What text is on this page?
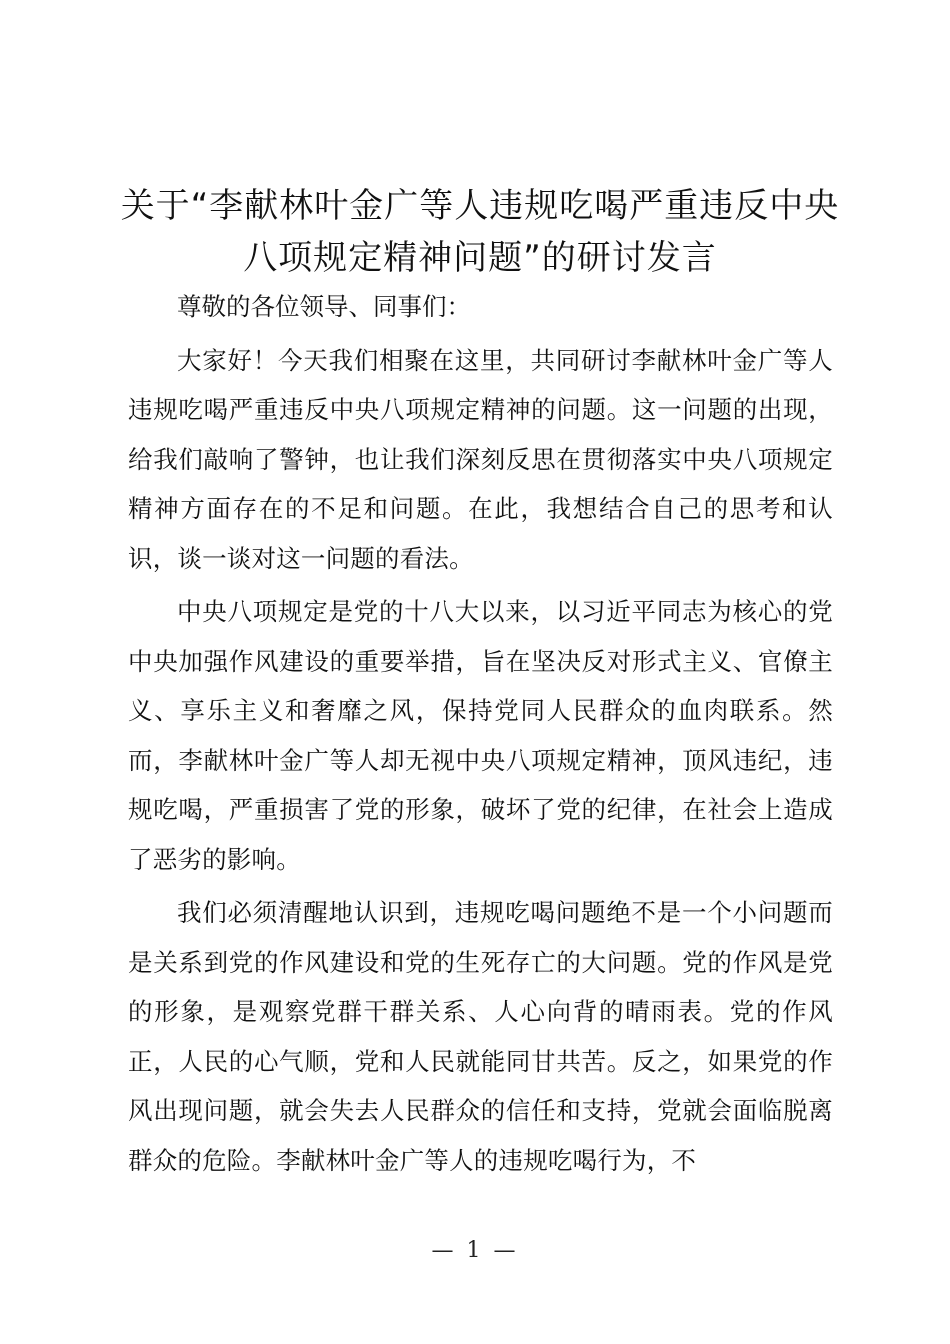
关于“李献林叶金广等人违规吃喝严重违反中央八项规定精神问题”的研讨发言

尊敬的各位领导、同事们：

大家好！今天我们相聚在这里，共同研讨李献林叶金广等人违规吃喝严重违反中央八项规定精神的问题。这一问题的出现，给我们敲响了警钟，也让我们深刻反思在贯彻落实中央八项规定精神方面存在的不足和问题。在此，我想结合自己的思考和认识，谈一谈对这一问题的看法。

中央八项规定是党的十八大以来，以习近平同志为核心的党中央加强作风建设的重要举措，旨在坚决反对形式主义、官僚主义、享乐主义和奢靡之风，保持党同人民群众的血肉联系。然而，李献林叶金广等人却无视中央八项规定精神，顶风违纪，违规吃喝，严重损害了党的形象，破坏了党的纪律，在社会上造成了恶劣的影响。

我们必须清醒地认识到，违规吃喝问题绝不是一个小问题而是关系到党的作风建设和党的生死存亡的大问题。党的作风是党的形象，是观察党群干群关系、人心向背的晴雨表。党的作风正，人民的心气顺，党和人民就能同甘共苦。反之，如果党的作风出现问题，就会失去人民群众的信任和支持，党就会面临脱离群众的危险。李献林叶金广等人的违规吃喝行为，不

— 1 —
